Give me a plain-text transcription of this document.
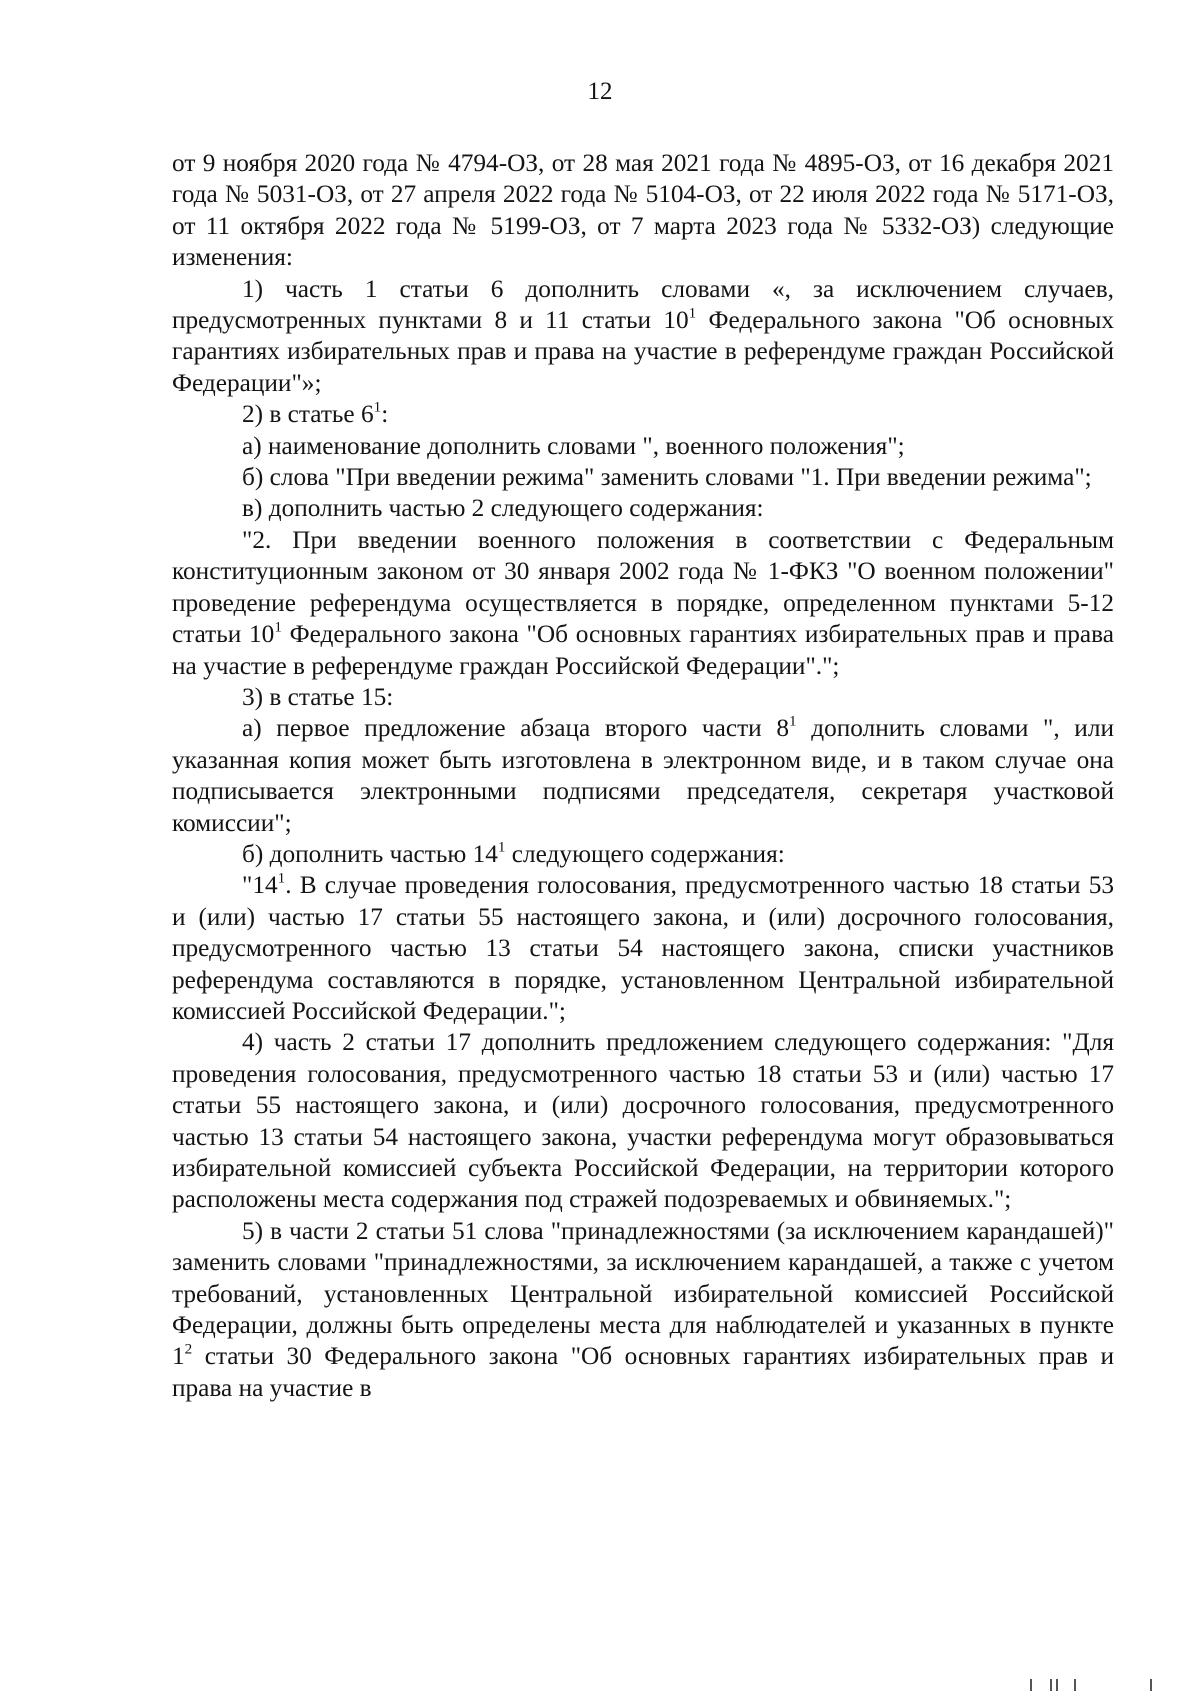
12

от 9 ноября 2020 года № 4794-ОЗ, от 28 мая 2021 года № 4895-ОЗ, от 16 декабря 2021 года № 5031-ОЗ, от 27 апреля 2022 года № 5104-ОЗ, от 22 июля 2022 года № 5171-ОЗ, от 11 октября 2022 года № 5199-ОЗ, от 7 марта 2023 года № 5332-ОЗ) следующие изменения:

1) часть 1 статьи 6 дополнить словами «, за исключением случаев, предусмотренных пунктами 8 и 11 статьи $10^1$ Федерального закона "Об основных гарантиях избирательных прав и права на участие в референдуме граждан Российской Федерации"»;

2) в статье $6^1$:

а) наименование дополнить словами ", военного положения";

б) слова "При введении режима" заменить словами "1. При введении режима";

в) дополнить частью 2 следующего содержания:

"2. При введении военного положения в соответствии с Федеральным конституционным законом от 30 января 2002 года № 1-ФКЗ "О военном положении" проведение референдума осуществляется в порядке, определенном пунктами 5-12 статьи $10^1$ Федерального закона "Об основных гарантиях избирательных прав и права на участие в референдуме граждан Российской Федерации".";

3) в статье 15:

а) первое предложение абзаца второго части $8^1$ дополнить словами ", или указанная копия может быть изготовлена в электронном виде, и в таком случае она подписывается электронными подписями председателя, секретаря участковой комиссии";

б) дополнить частью $14^1$ следующего содержания:

"$14^1$. В случае проведения голосования, предусмотренного частью 18 статьи 53 и (или) частью 17 статьи 55 настоящего закона, и (или) досрочного голосования, предусмотренного частью 13 статьи 54 настоящего закона, списки участников референдума составляются в порядке, установленном Центральной избирательной комиссией Российской Федерации.";

4) часть 2 статьи 17 дополнить предложением следующего содержания: "Для проведения голосования, предусмотренного частью 18 статьи 53 и (или) частью 17 статьи 55 настоящего закона, и (или) досрочного голосования, предусмотренного частью 13 статьи 54 настоящего закона, участки референдума могут образовываться избирательной комиссией субъекта Российской Федерации, на территории которого расположены места содержания под стражей подозреваемых и обвиняемых.";

5) в части 2 статьи 51 слова "принадлежностями (за исключением карандашей)" заменить словами "принадлежностями, за исключением карандашей, а также с учетом требований, установленных Центральной избирательной комиссией Российской Федерации, должны быть определены места для наблюдателей и указанных в пункте $1^2$ статьи 30 Федерального закона "Об основных гарантиях избирательных прав и права на участие в
